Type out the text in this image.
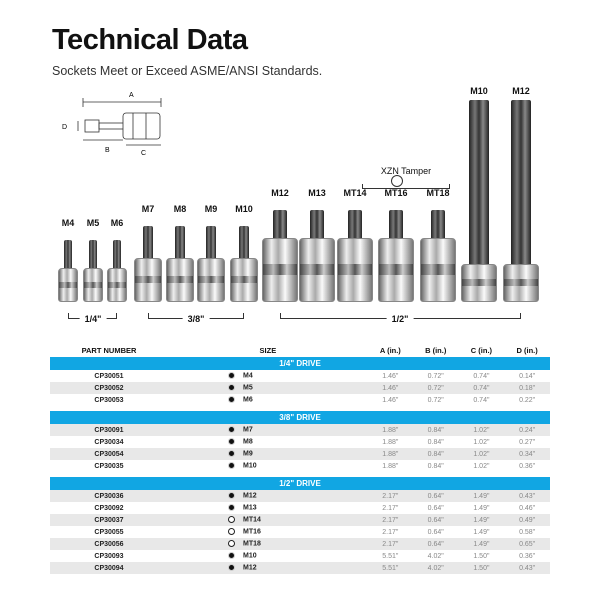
Technical Data
Sockets Meet or Exceed ASME/ANSI Standards.
A
B	C
D
XZN Tamper
M4 M5 M6
M7 M8 M9 M10
M12 M13 MT14 MT16 MT18
M10	M12
1/4"	3/8"	1/2"
PART NUMBER	SIZE	A (in.)	B (in.)	C (in.)	D (in.)
1/4" DRIVE					
CP30051	M4	1.46"	0.72"	0.74"	0.14"
CP30052	M5	1.46"	0.72"	0.74"	0.18"
CP30053	M6	1.46"	0.72"	0.74"	0.22"

3/8" DRIVE					
CP30091	M7	1.88"	0.84"	1.02"	0.24"
CP30034	M8	1.88"	0.84"	1.02"	0.27"
CP30054	M9	1.88"	0.84"	1.02"	0.34"
CP30035	M10	1.88"	0.84"	1.02"	0.36"

1/2" DRIVE					
CP30036	M12	2.17"	0.64"	1.49"	0.43"
CP30092	M13	2.17"	0.64"	1.49"	0.46"
CP30037	MT14	2.17"	0.64"	1.49"	0.49"
CP30055	MT16	2.17"	0.64"	1.49"	0.58"
CP30056	MT18	2.17"	0.64"	1.49"	0.65"
CP30093	M10	5.51"	4.02"	1.50"	0.36"
CP30094	M12	5.51"	4.02"	1.50"	0.43"
